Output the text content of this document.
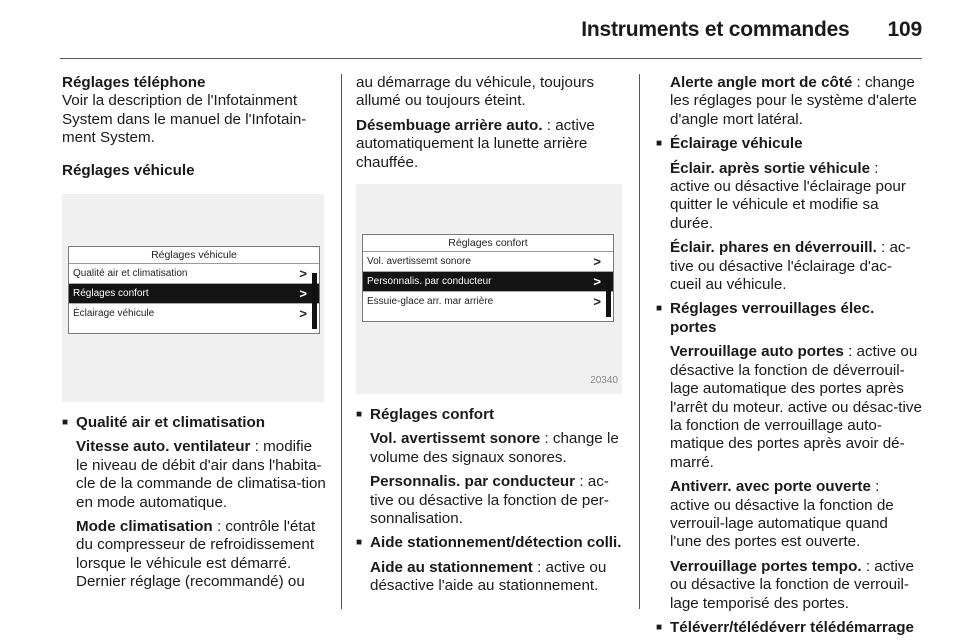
Instruments et commandes 109

Réglages téléphone
Voir la description de l'Infotainment System dans le manuel de l'Infotain-ment System.

Réglages véhicule

Réglages véhicule
Qualité air et climatisation	>
Réglages confort	>
Éclairage véhicule	>

■ Qualité air et climatisation

Vitesse auto. ventilateur : modifie le niveau de débit d'air dans l'habita-cle de la commande de climatisa-tion en mode automatique.

Mode climatisation : contrôle l'état du compresseur de refroidissement lorsque le véhicule est démarré. Dernier réglage (recommandé) ou

au démarrage du véhicule, toujours allumé ou toujours éteint.

Désembuage arrière auto. : active automatiquement la lunette arrière chauffée.

Réglages confort
Vol. avertissemt sonore	>
Personnalis. par conducteur	>
Essuie-glace arr. mar arrière	>
20340

■ Réglages confort

Vol. avertissemt sonore : change le volume des signaux sonores.

Personnalis. par conducteur : ac-tive ou désactive la fonction de per-sonnalisation.

■ Aide stationnement/détection colli.

Aide au stationnement : active ou désactive l'aide au stationnement.

Alerte angle mort de côté : change les réglages pour le système d'alerte d'angle mort latéral.

■ Éclairage véhicule

Éclair. après sortie véhicule : active ou désactive l'éclairage pour quitter le véhicule et modifie sa durée.

Éclair. phares en déverrouill. : ac-tive ou désactive l'éclairage d'ac-cueil au véhicule.

■ Réglages verrouillages élec. portes

Verrouillage auto portes : active ou désactive la fonction de déverrouil-lage automatique des portes après l'arrêt du moteur. active ou désac-tive la fonction de verrouillage auto-matique des portes après avoir dé-marré.

Antiverr. avec porte ouverte : active ou désactive la fonction de verrouil-lage automatique quand l'une des portes est ouverte.

Verrouillage portes tempo. : active ou désactive la fonction de verrouil-lage temporisé des portes.

■ Téléverr/télédéverr télédémarrage
